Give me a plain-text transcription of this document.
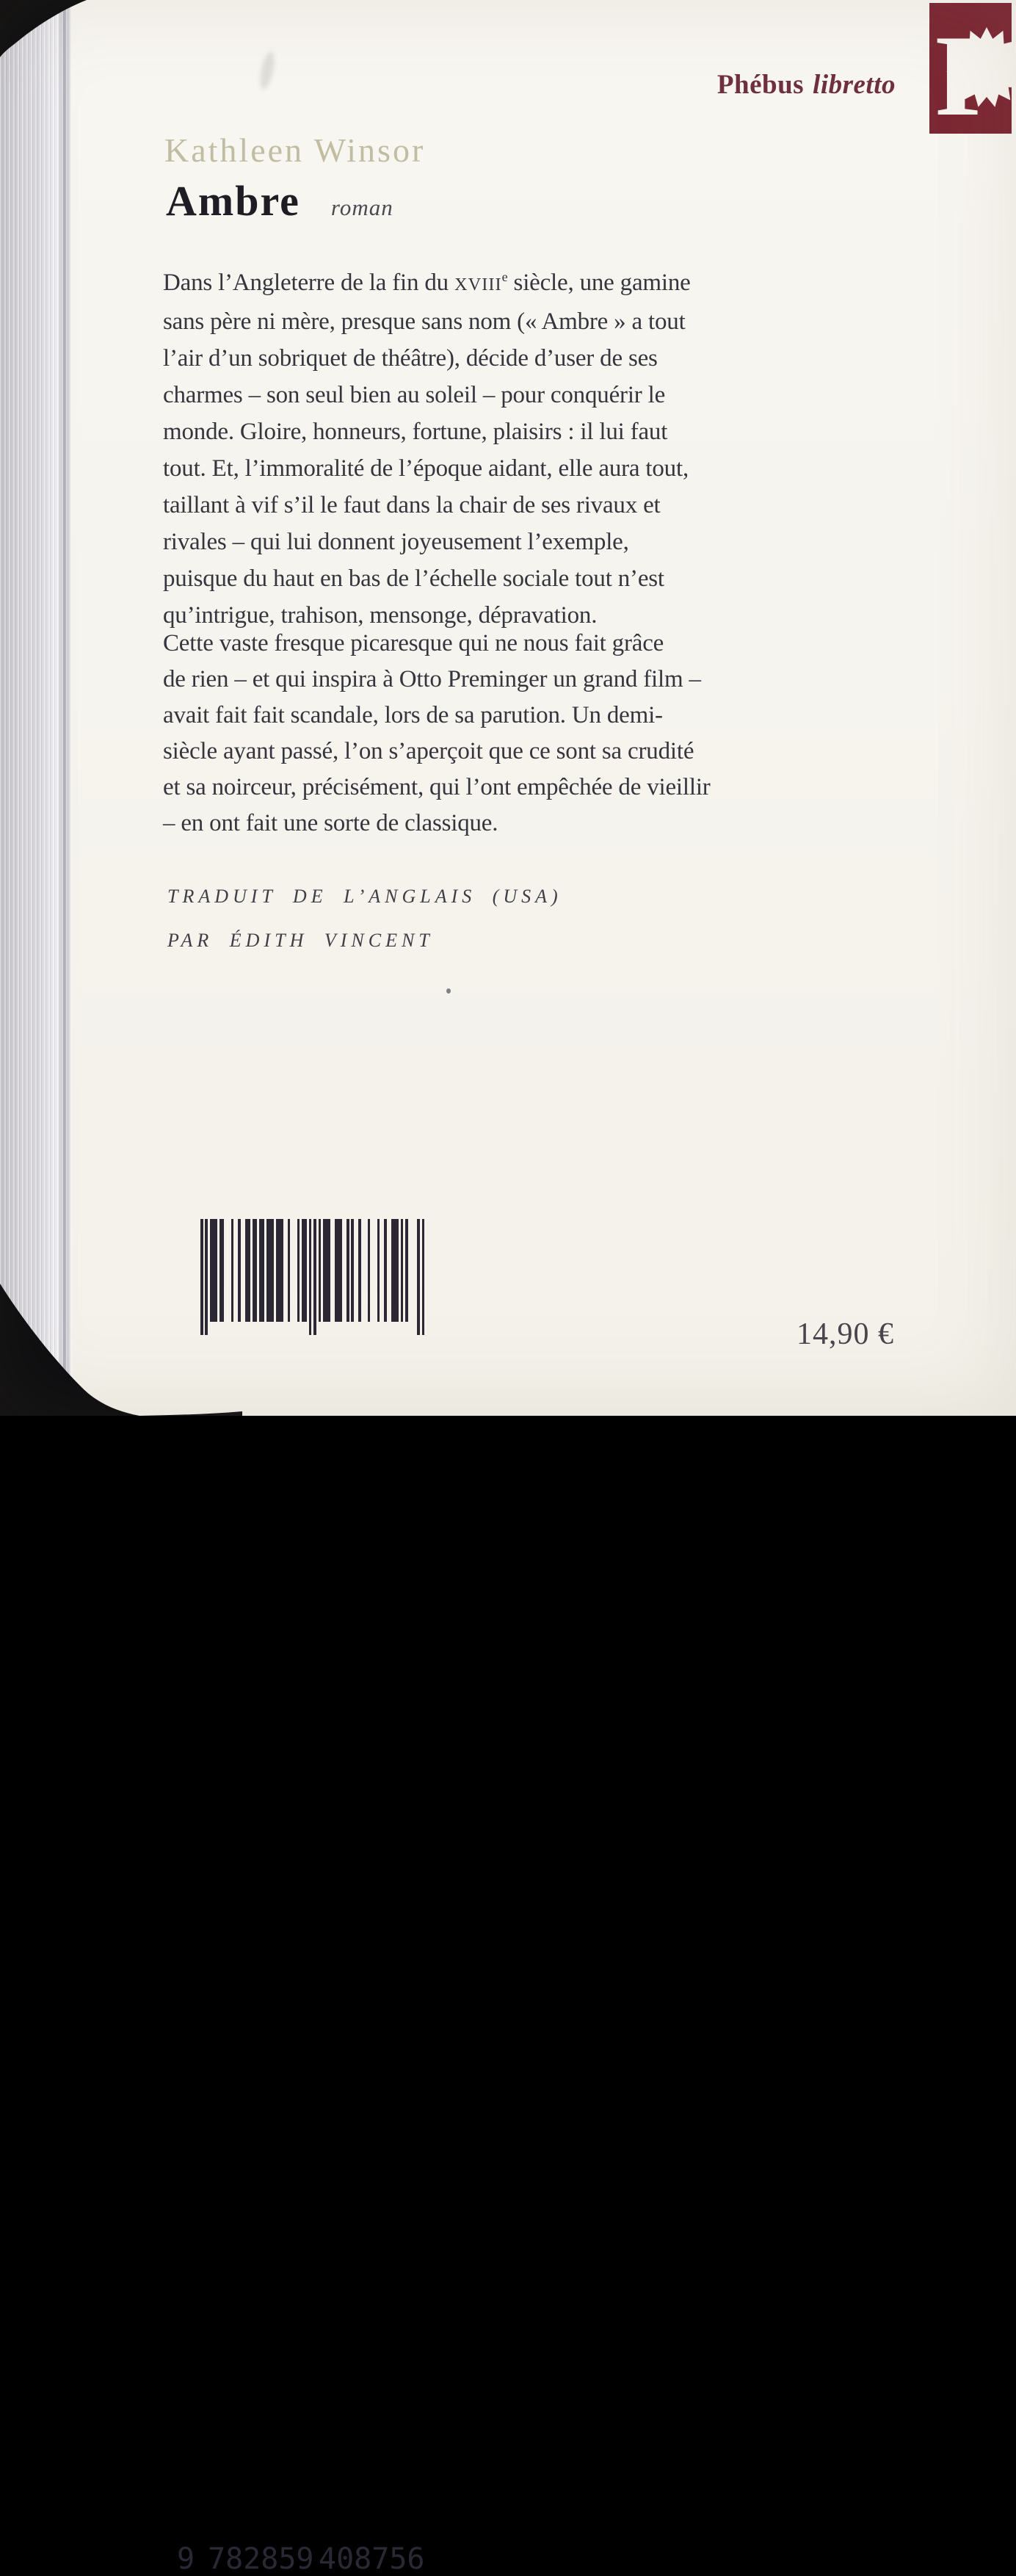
P
Phébus libretto
Kathleen Winsor
Ambre roman
Dans l’Angleterre de la fin du XVIIIe siècle, une gamine
sans père ni mère, presque sans nom (« Ambre » a tout
l’air d’un sobriquet de théâtre), décide d’user de ses
charmes – son seul bien au soleil – pour conquérir le
monde. Gloire, honneurs, fortune, plaisirs : il lui faut
tout. Et, l’immoralité de l’époque aidant, elle aura tout,
taillant à vif s’il le faut dans la chair de ses rivaux et
rivales – qui lui donnent joyeusement l’exemple,
puisque du haut en bas de l’échelle sociale tout n’est
qu’intrigue, trahison, mensonge, dépravation.
Cette vaste fresque picaresque qui ne nous fait grâce
de rien – et qui inspira à Otto Preminger un grand film –
avait fait fait scandale, lors de sa parution. Un demi-
siècle ayant passé, l’on s’aperçoit que ce sont sa crudité
et sa noirceur, précisément, qui l’ont empêchée de vieillir
– en ont fait une sorte de classique.
TRADUIT DE L’ANGLAIS (USA)
PAR ÉDITH VINCENT
9 782859 408756
14,90 €
